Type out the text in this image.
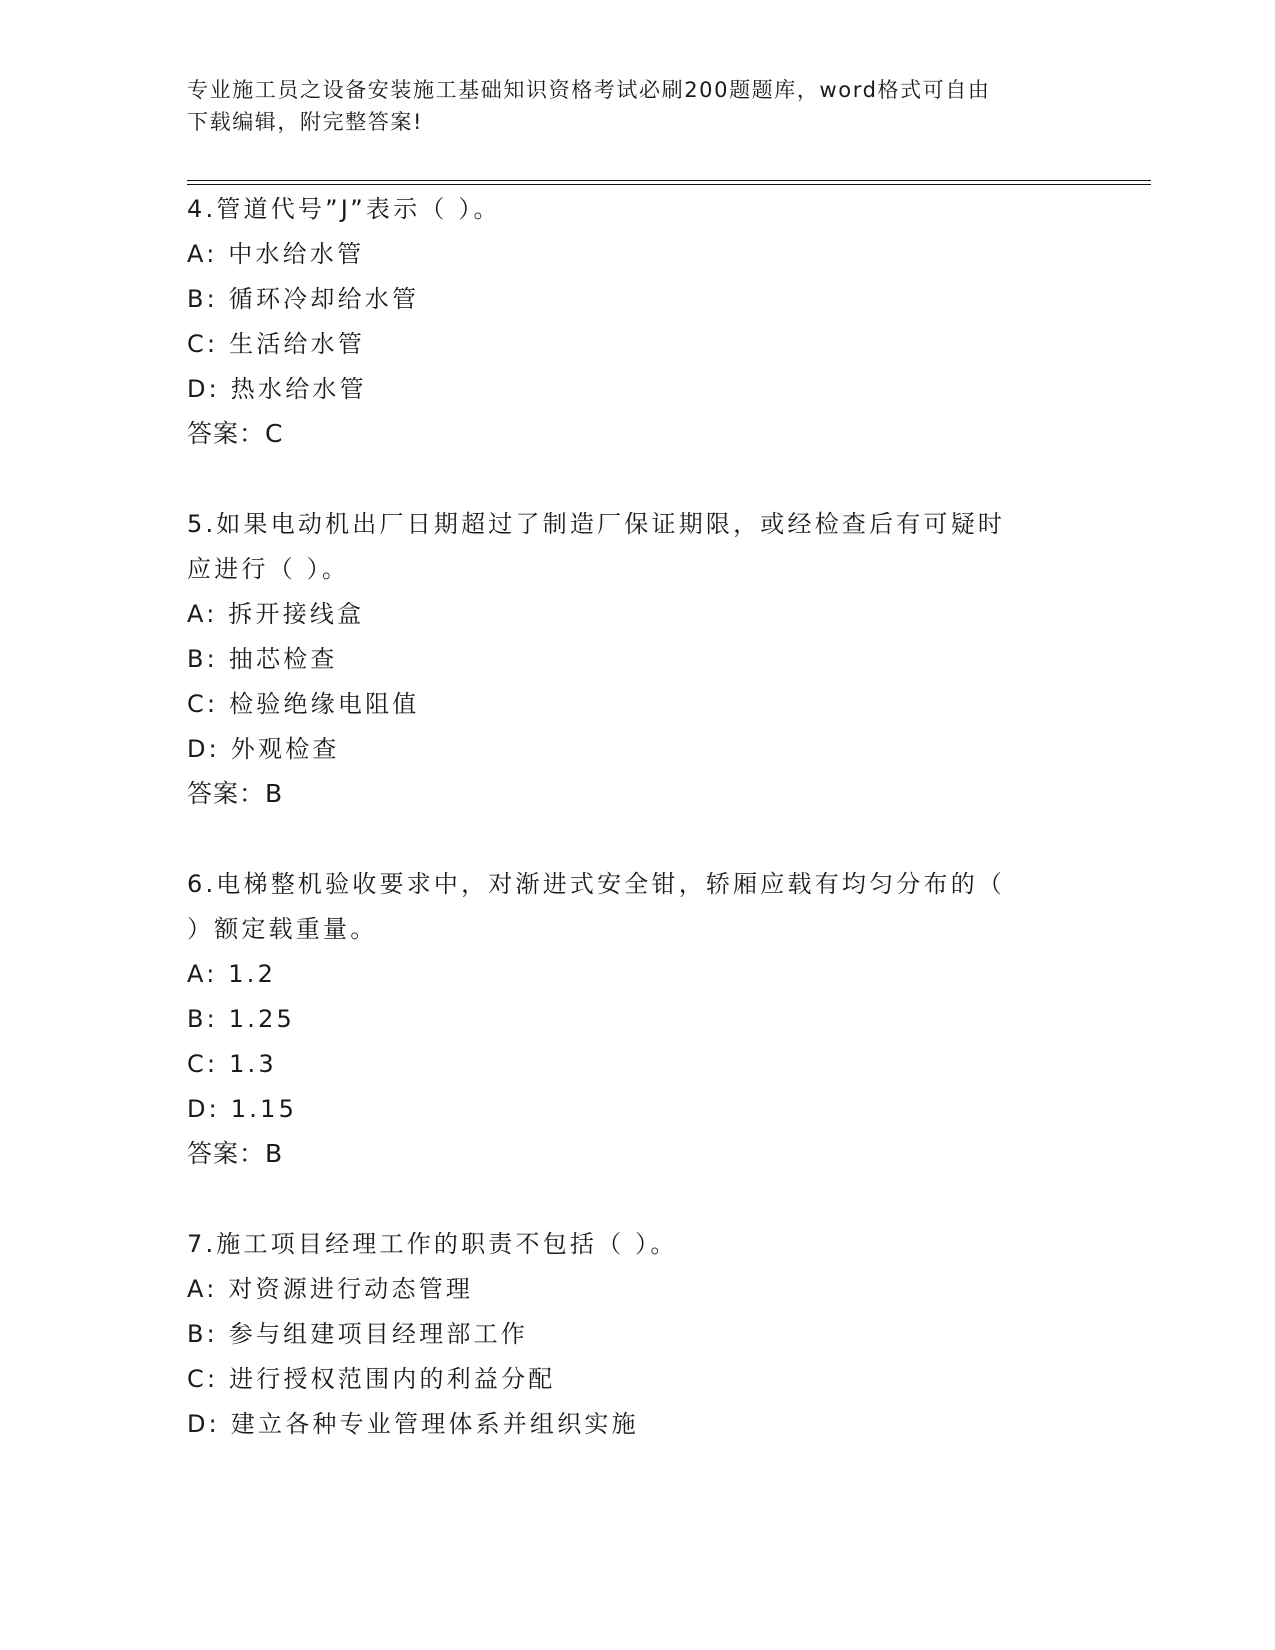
专业施工员之设备安装施工基础知识资格考试必刷200题题库，word格式可自由
下载编辑，附完整答案!
4.管道代号”J”表示（ ）。
A: 中水给水管
B: 循环冷却给水管
C: 生活给水管
D: 热水给水管
答案：C
5.如果电动机出厂日期超过了制造厂保证期限，或经检查后有可疑时
应进行（ ）。
A: 拆开接线盒
B: 抽芯检查
C: 检验绝缘电阻值
D: 外观检查
答案：B
6.电梯整机验收要求中，对渐进式安全钳，轿厢应载有均匀分布的（
）额定载重量。
A: 1.2
B: 1.25
C: 1.3
D: 1.15
答案：B
7.施工项目经理工作的职责不包括（ ）。
A: 对资源进行动态管理
B: 参与组建项目经理部工作
C: 进行授权范围内的利益分配
D: 建立各种专业管理体系并组织实施
